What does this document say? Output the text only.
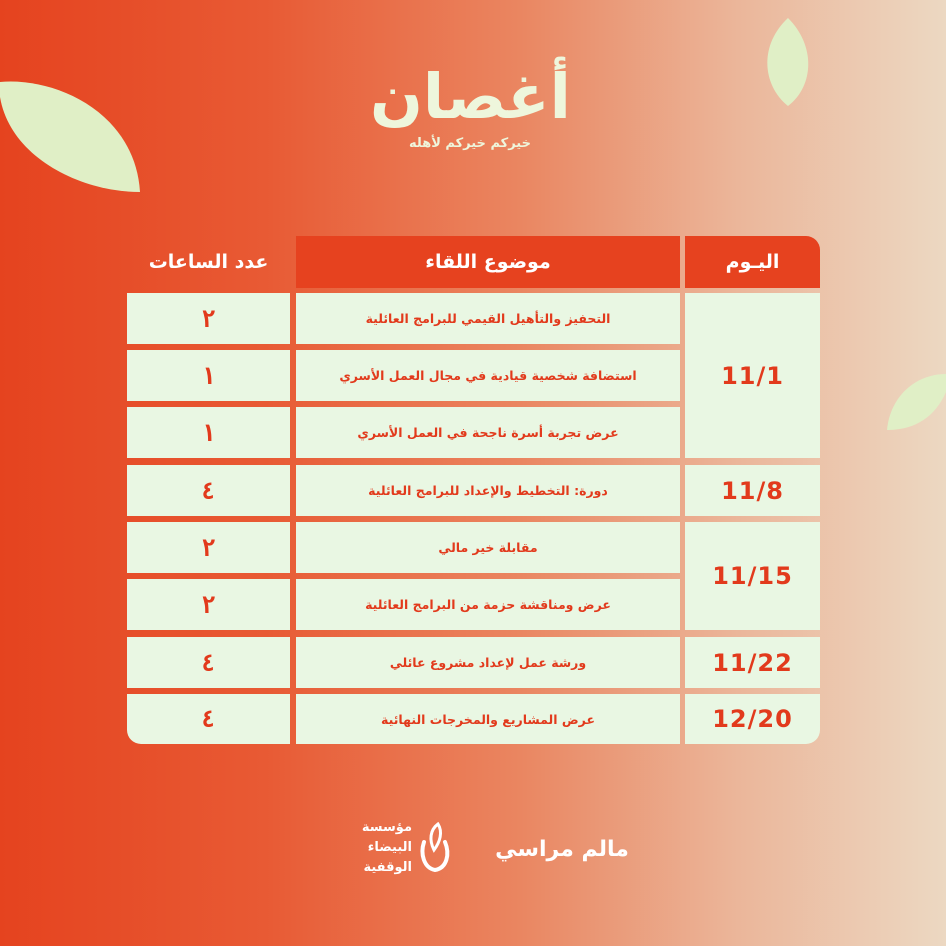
أغصان
خيركم خيركم لأهله
اليـوم
موضوع اللقاء
عدد الساعات
11/1
11/8
11/15
11/22
12/20
التحفيز والتأهيل القيمي للبرامج العائلية
استضافة شخصية قيادية في مجال العمل الأسري
عرض تجربة أسرة ناجحة في العمل الأسري
دورة: التخطيط والإعداد للبرامج العائلية
مقابلة خير مالي
عرض ومناقشة حزمة من البرامج العائلية
ورشة عمل لإعداد مشروع عائلي
عرض المشاريع والمخرجات النهائية
٢
١
١
٤
٢
٢
٤
٤
مالم مراسي
مؤسسة البيضاء الوقفية
